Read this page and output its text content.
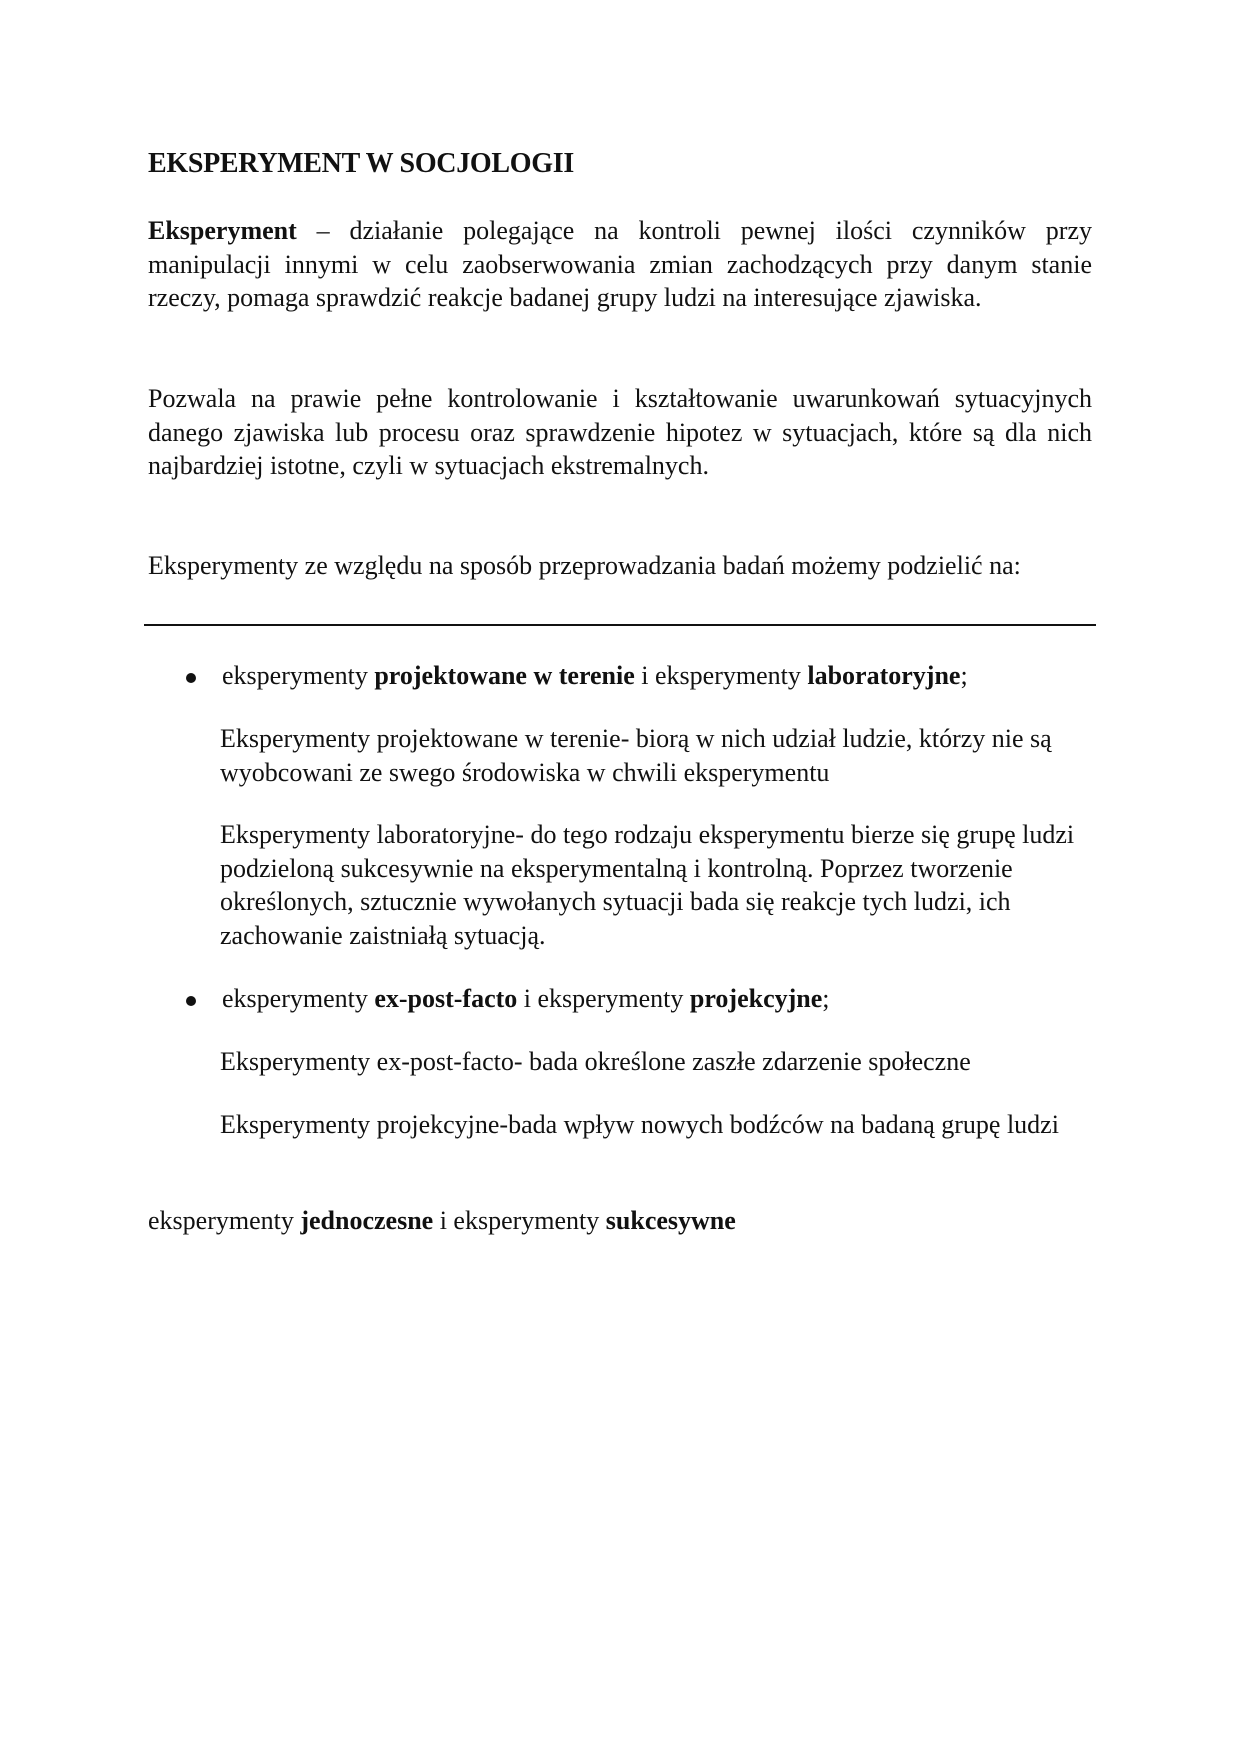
EKSPERYMENT W SOCJOLOGII

Eksperyment – działanie polegające na kontroli pewnej ilości czynników przy manipulacji innymi w celu zaobserwowania zmian zachodzących przy danym stanie rzeczy, pomaga sprawdzić reakcje badanej grupy ludzi na interesujące zjawiska.

Pozwala na prawie pełne kontrolowanie i kształtowanie uwarunkowań sytuacyjnych danego zjawiska lub procesu oraz sprawdzenie hipotez w sytuacjach, które są dla nich najbardziej istotne, czyli w sytuacjach ekstremalnych.

Eksperymenty ze względu na sposób przeprowadzania badań możemy podzielić na:

eksperymenty projektowane w terenie i eksperymenty laboratoryjne;

Eksperymenty projektowane w terenie- biorą w nich udział ludzie, którzy nie są wyobcowani ze swego środowiska w chwili eksperymentu

Eksperymenty laboratoryjne- do tego rodzaju eksperymentu bierze się grupę ludzi podzieloną sukcesywnie na eksperymentalną i kontrolną. Poprzez tworzenie określonych, sztucznie wywołanych sytuacji bada się reakcje tych ludzi, ich zachowanie zaistniałą sytuacją.

eksperymenty ex-post-facto i eksperymenty projekcyjne;

Eksperymenty ex-post-facto- bada określone zaszłe zdarzenie społeczne

Eksperymenty projekcyjne-bada wpływ nowych bodźców na badaną grupę ludzi

eksperymenty jednoczesne i eksperymenty sukcesywne
